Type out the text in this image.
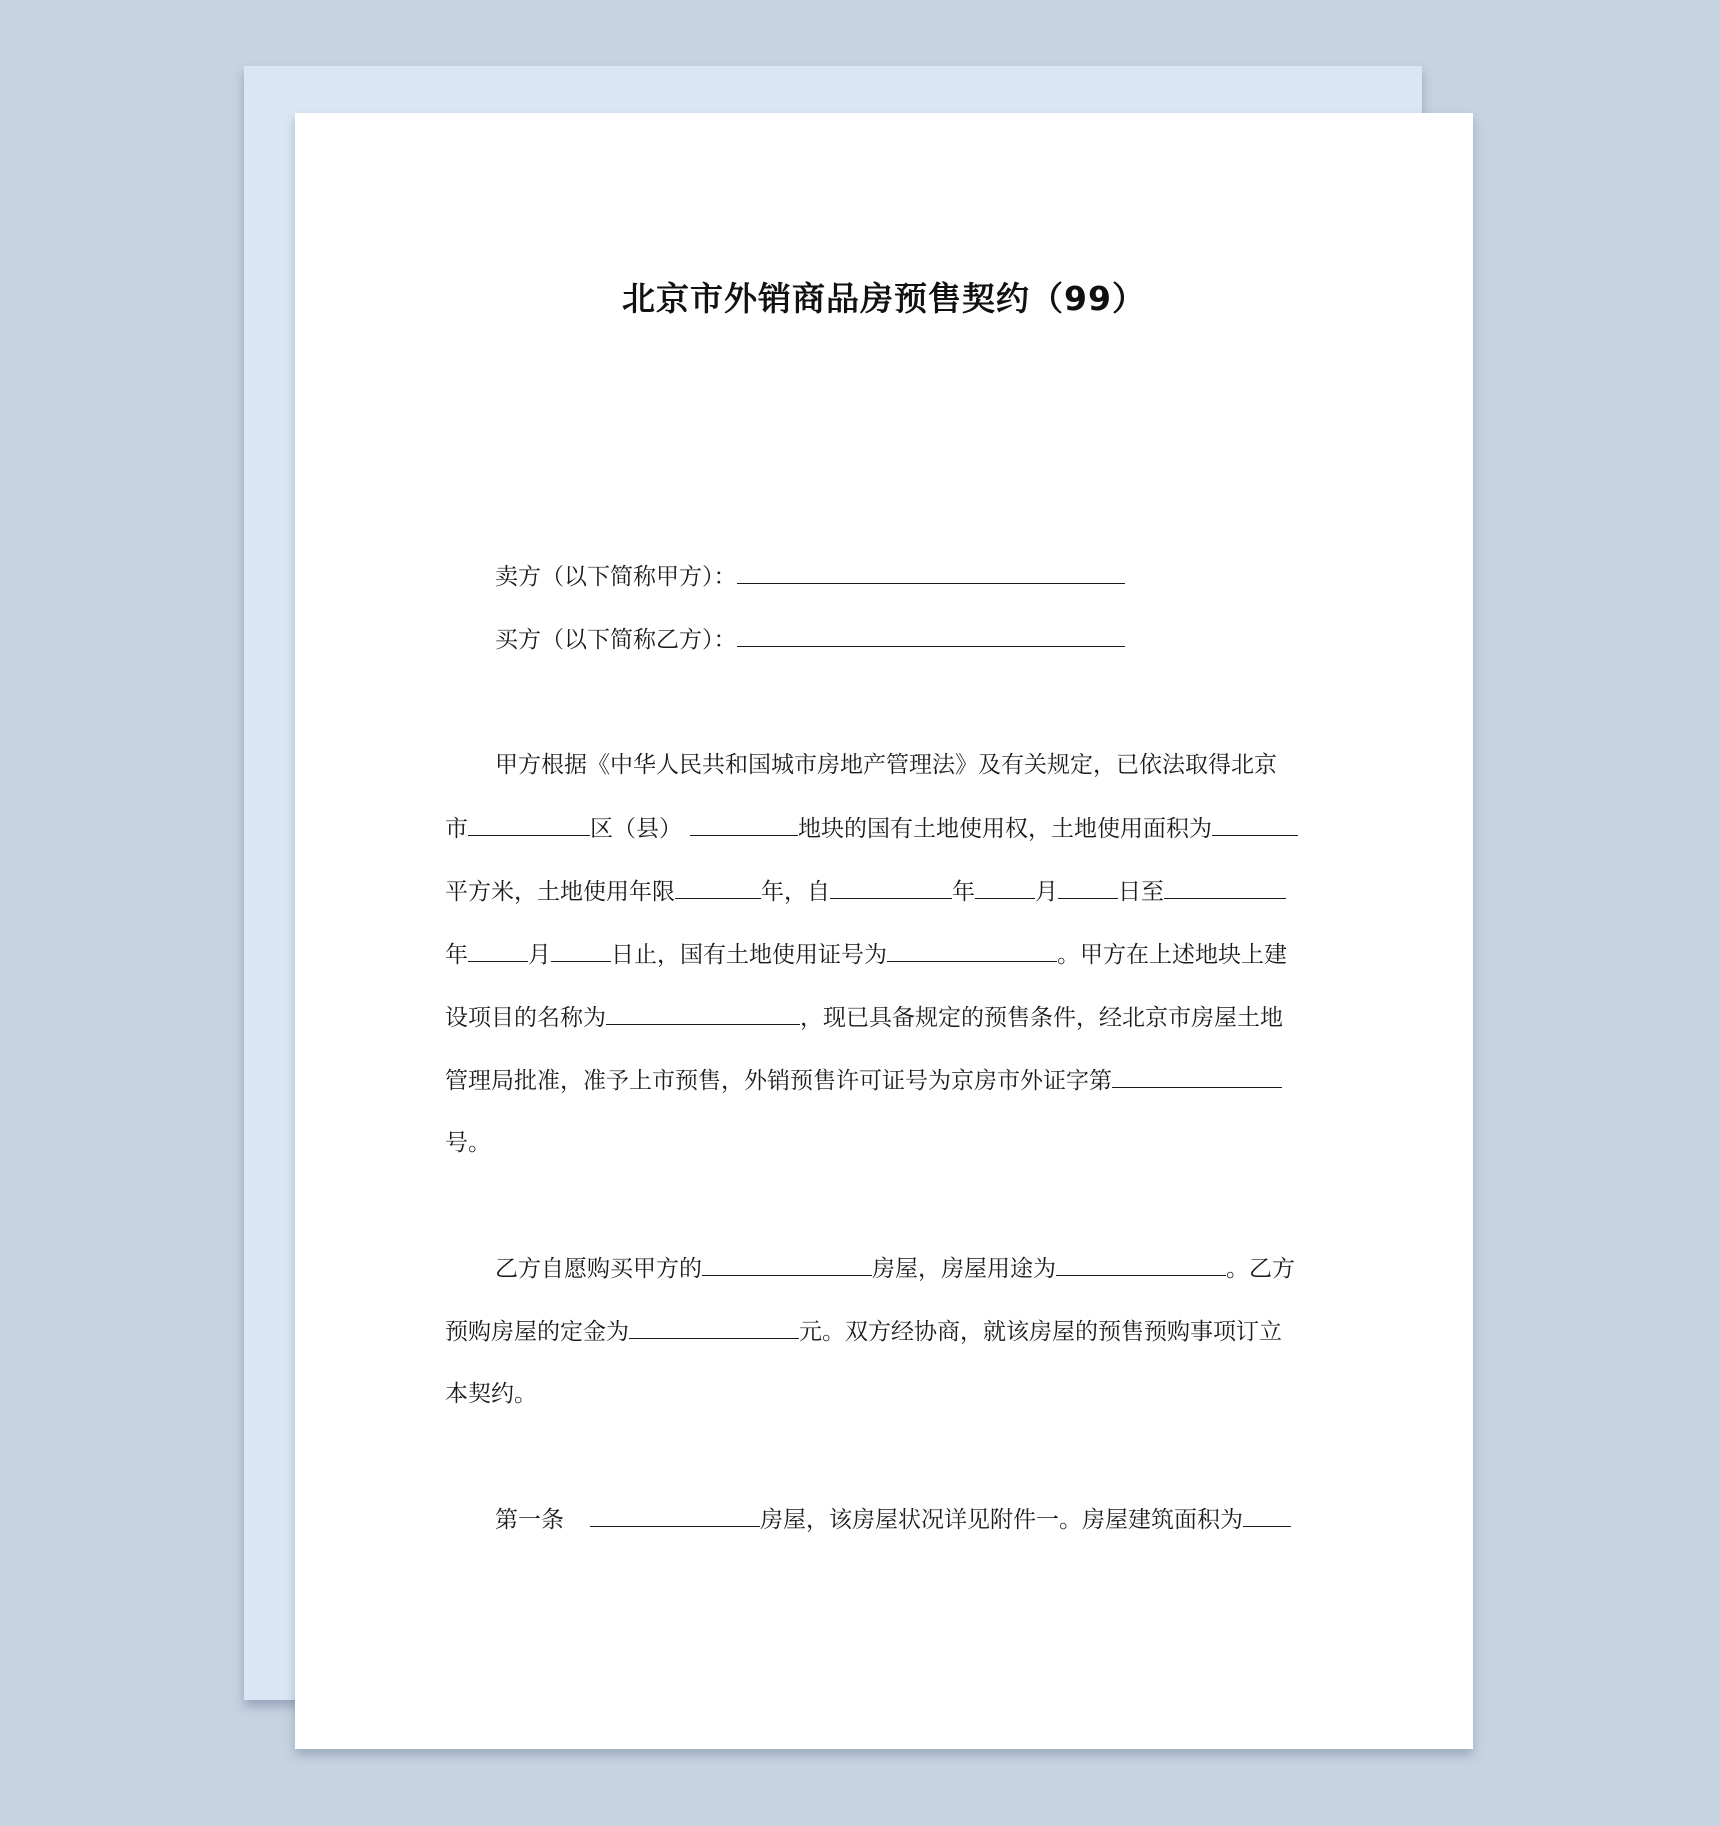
北京市外销商品房预售契约（99）
卖方（以下简称甲方）：
买方（以下简称乙方）：
甲方根据《中华人民共和国城市房地产管理法》及有关规定，已依法取得北京
市	区（县）	地块的国有土地使用权，土地使用面积为
平方米，土地使用年限	年，自	年	月	日至
年	月	日止，国有土地使用证号为	。甲方在上述地块上建
设项目的名称为	，现已具备规定的预售条件，经北京市房屋土地
管理局批准，准予上市预售，外销预售许可证号为京房市外证字第
号。
乙方自愿购买甲方的	房屋，房屋用途为	。乙方
预购房屋的定金为	元。双方经协商，就该房屋的预售预购事项订立
本契约。
第一条	房屋，该房屋状况详见附件一。房屋建筑面积为
